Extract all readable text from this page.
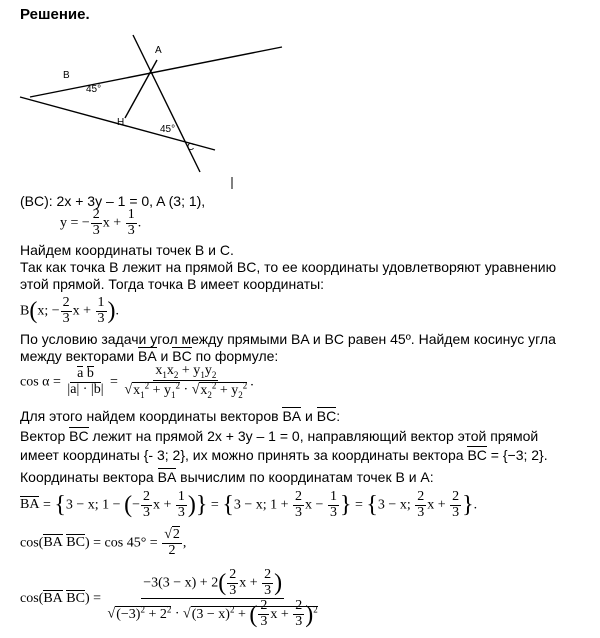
Решение.
A
B
H
C
45°
45°
(BC): 2x + 3y – 1 = 0, A (3; 1),
y = − $\frac{2}{3}$ $x + \frac{1}{3}$ .
Найдем координаты точек B и C.
Так как точка B лежит на прямой BC, то ее координаты удовлетворяют уравнению
этой прямой. Тогда точка B имеет координаты:
B(x; − $\frac{2}{3}$ $x + \frac{1}{3}$ ).
По условию задачи угол между прямыми BA и BC равен 45º. Найдем косинус угла
между векторами BA и BC по формуле:
$\cos \alpha = \frac{\text{a b}}{|a| \cdot |b|} = \frac{x_1x_2 + y_1y_2}{√x_1^2 + y_1^2 \cdot √x_2^2 + y_2^2}$ .
Для этого найдем координаты векторов BA и BC:
Вектор BC лежит на прямой 2x + 3y – 1 = 0, направляющий вектор этой прямой
имеет координаты {- 3; 2}, их можно принять за координаты вектора BC = {−3; 2}.
Координаты вектора BA вычислим по координатам точек B и A:
BA = {3 − x; 1 − (− $\frac{2}{3}$ $x + \frac{1}{3}$ )} = {3 − x; $1 + \frac{2}{3}$ $x - \frac{1}{3}$ } = {3 − x; $\frac{2}{3}$ $x + \frac{2}{3}$ }.
cos(BA $BC) = \cos 45^\circ = \frac{√2}{2}$ ,
cos(BA $BC) = \frac{-3(3 - x) + 2( \frac{2}{3} x + \frac{2}{3} )}{√(-3)^2 + 2^2 \cdot √(3 - x)^2 + ( \frac{2}{3} x + \frac{2}{3} )^2}$
